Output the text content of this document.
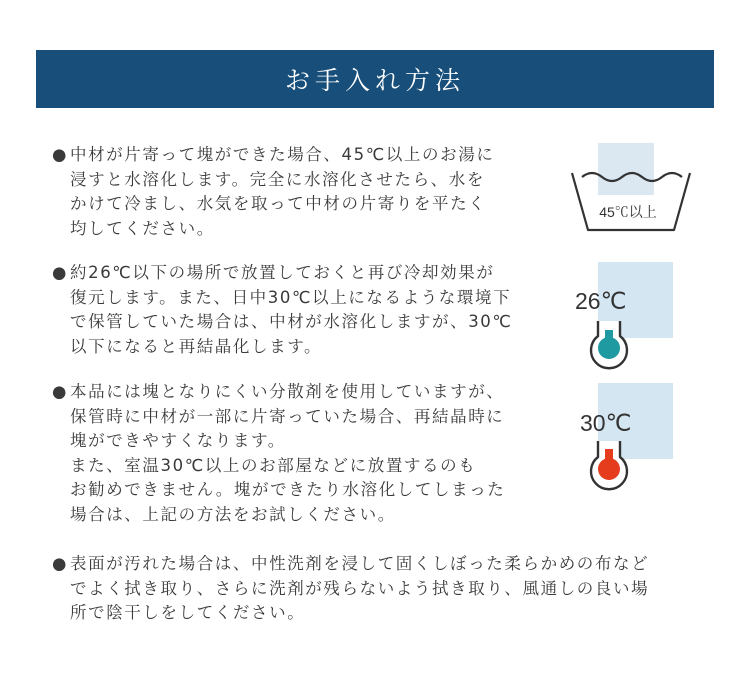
お手入れ方法
● 中材が片寄って塊ができた場合、45℃以上のお湯に
浸すと水溶化します。完全に水溶化させたら、水を
かけて冷まし、水気を取って中材の片寄りを平たく
均してください。
● 約26℃以下の場所で放置しておくと再び冷却効果が
復元します。また、日中30℃以上になるような環境下
で保管していた場合は、中材が水溶化しますが、30℃
以下になると再結晶化します。
● 本品には塊となりにくい分散剤を使用していますが、
保管時に中材が一部に片寄っていた場合、再結晶時に
塊ができやすくなります。
また、室温30℃以上のお部屋などに放置するのも
お勧めできません。塊ができたり水溶化してしまった
場合は、上記の方法をお試しください。
● 表面が汚れた場合は、中性洗剤を浸して固くしぼった柔らかめの布など
でよく拭き取り、さらに洗剤が残らないよう拭き取り、風通しの良い場
所で陰干しをしてください。
45℃以上
26℃
30℃
